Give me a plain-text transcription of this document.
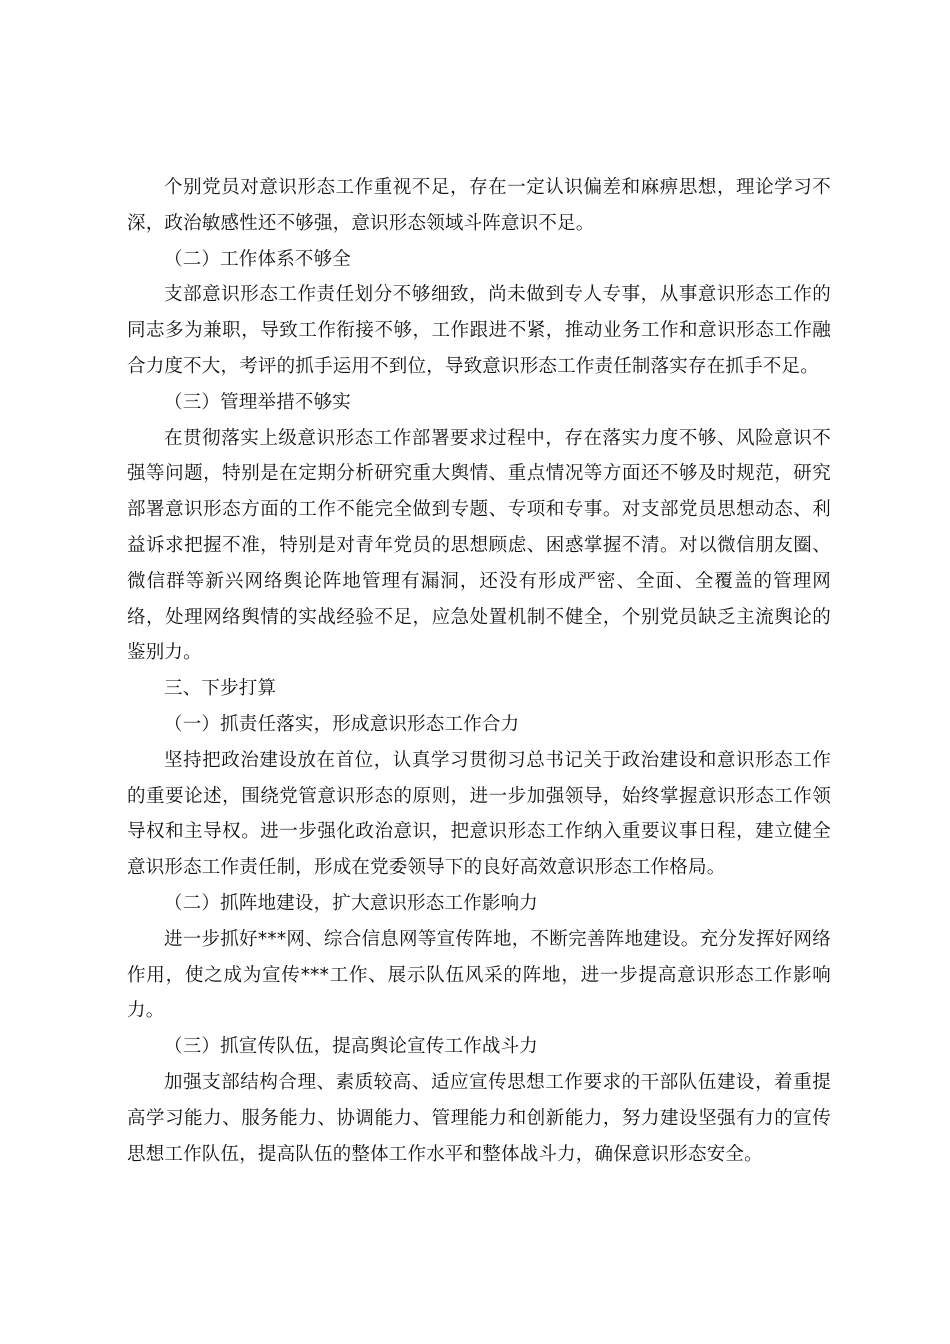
个别党员对意识形态工作重视不足，存在一定认识偏差和麻痹思想，理论学习不深，政治敏感性还不够强，意识形态领域斗阵意识不足。

（二）工作体系不够全

支部意识形态工作责任划分不够细致，尚未做到专人专事，从事意识形态工作的同志多为兼职，导致工作衔接不够，工作跟进不紧，推动业务工作和意识形态工作融合力度不大，考评的抓手运用不到位，导致意识形态工作责任制落实存在抓手不足。

（三）管理举措不够实

在贯彻落实上级意识形态工作部署要求过程中，存在落实力度不够、风险意识不强等问题，特别是在定期分析研究重大舆情、重点情况等方面还不够及时规范，研究部署意识形态方面的工作不能完全做到专题、专项和专事。对支部党员思想动态、利益诉求把握不准，特别是对青年党员的思想顾虑、困惑掌握不清。对以微信朋友圈、微信群等新兴网络舆论阵地管理有漏洞，还没有形成严密、全面、全覆盖的管理网络，处理网络舆情的实战经验不足，应急处置机制不健全，个别党员缺乏主流舆论的鉴别力。

三、下步打算

（一）抓责任落实，形成意识形态工作合力

坚持把政治建设放在首位，认真学习贯彻习总书记关于政治建设和意识形态工作的重要论述，围绕党管意识形态的原则，进一步加强领导，始终掌握意识形态工作领导权和主导权。进一步强化政治意识，把意识形态工作纳入重要议事日程，建立健全意识形态工作责任制，形成在党委领导下的良好高效意识形态工作格局。

（二）抓阵地建设，扩大意识形态工作影响力

进一步抓好***网、综合信息网等宣传阵地，不断完善阵地建设。充分发挥好网络作用，使之成为宣传***工作、展示队伍风采的阵地，进一步提高意识形态工作影响力。

（三）抓宣传队伍，提高舆论宣传工作战斗力

加强支部结构合理、素质较高、适应宣传思想工作要求的干部队伍建设，着重提高学习能力、服务能力、协调能力、管理能力和创新能力，努力建设坚强有力的宣传思想工作队伍，提高队伍的整体工作水平和整体战斗力，确保意识形态安全。
